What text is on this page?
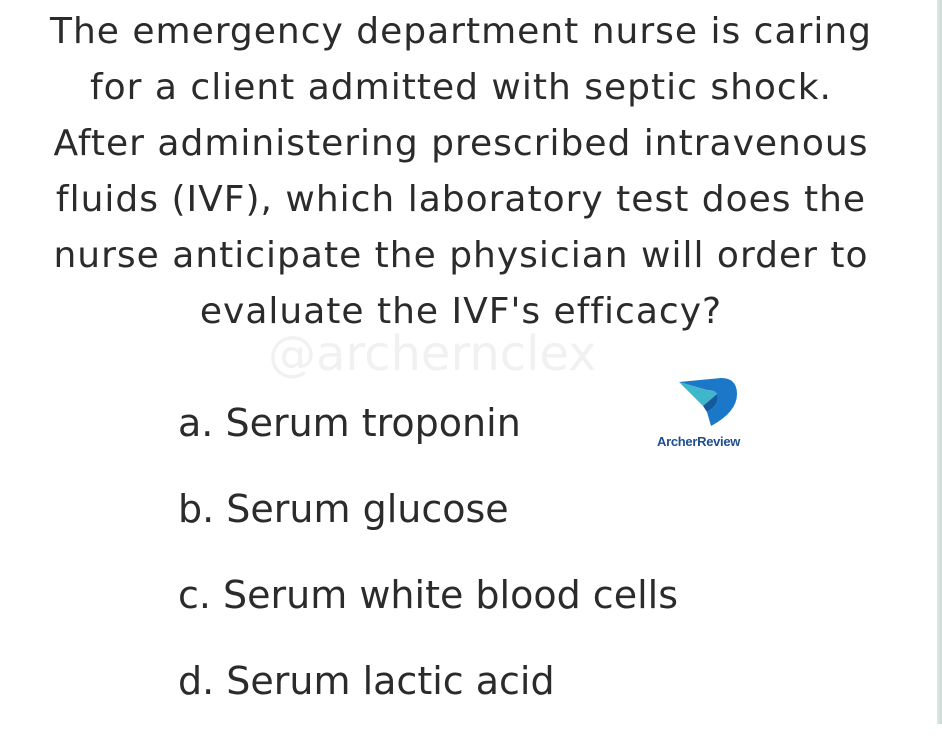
The emergency department nurse is caring
for a client admitted with septic shock.
After administering prescribed intravenous
fluids (IVF), which laboratory test does the
nurse anticipate the physician will order to
evaluate the IVF's efficacy?
@archernclex
ArcherReview
a. Serum troponin
b. Serum glucose
c. Serum white blood cells
d. Serum lactic acid
